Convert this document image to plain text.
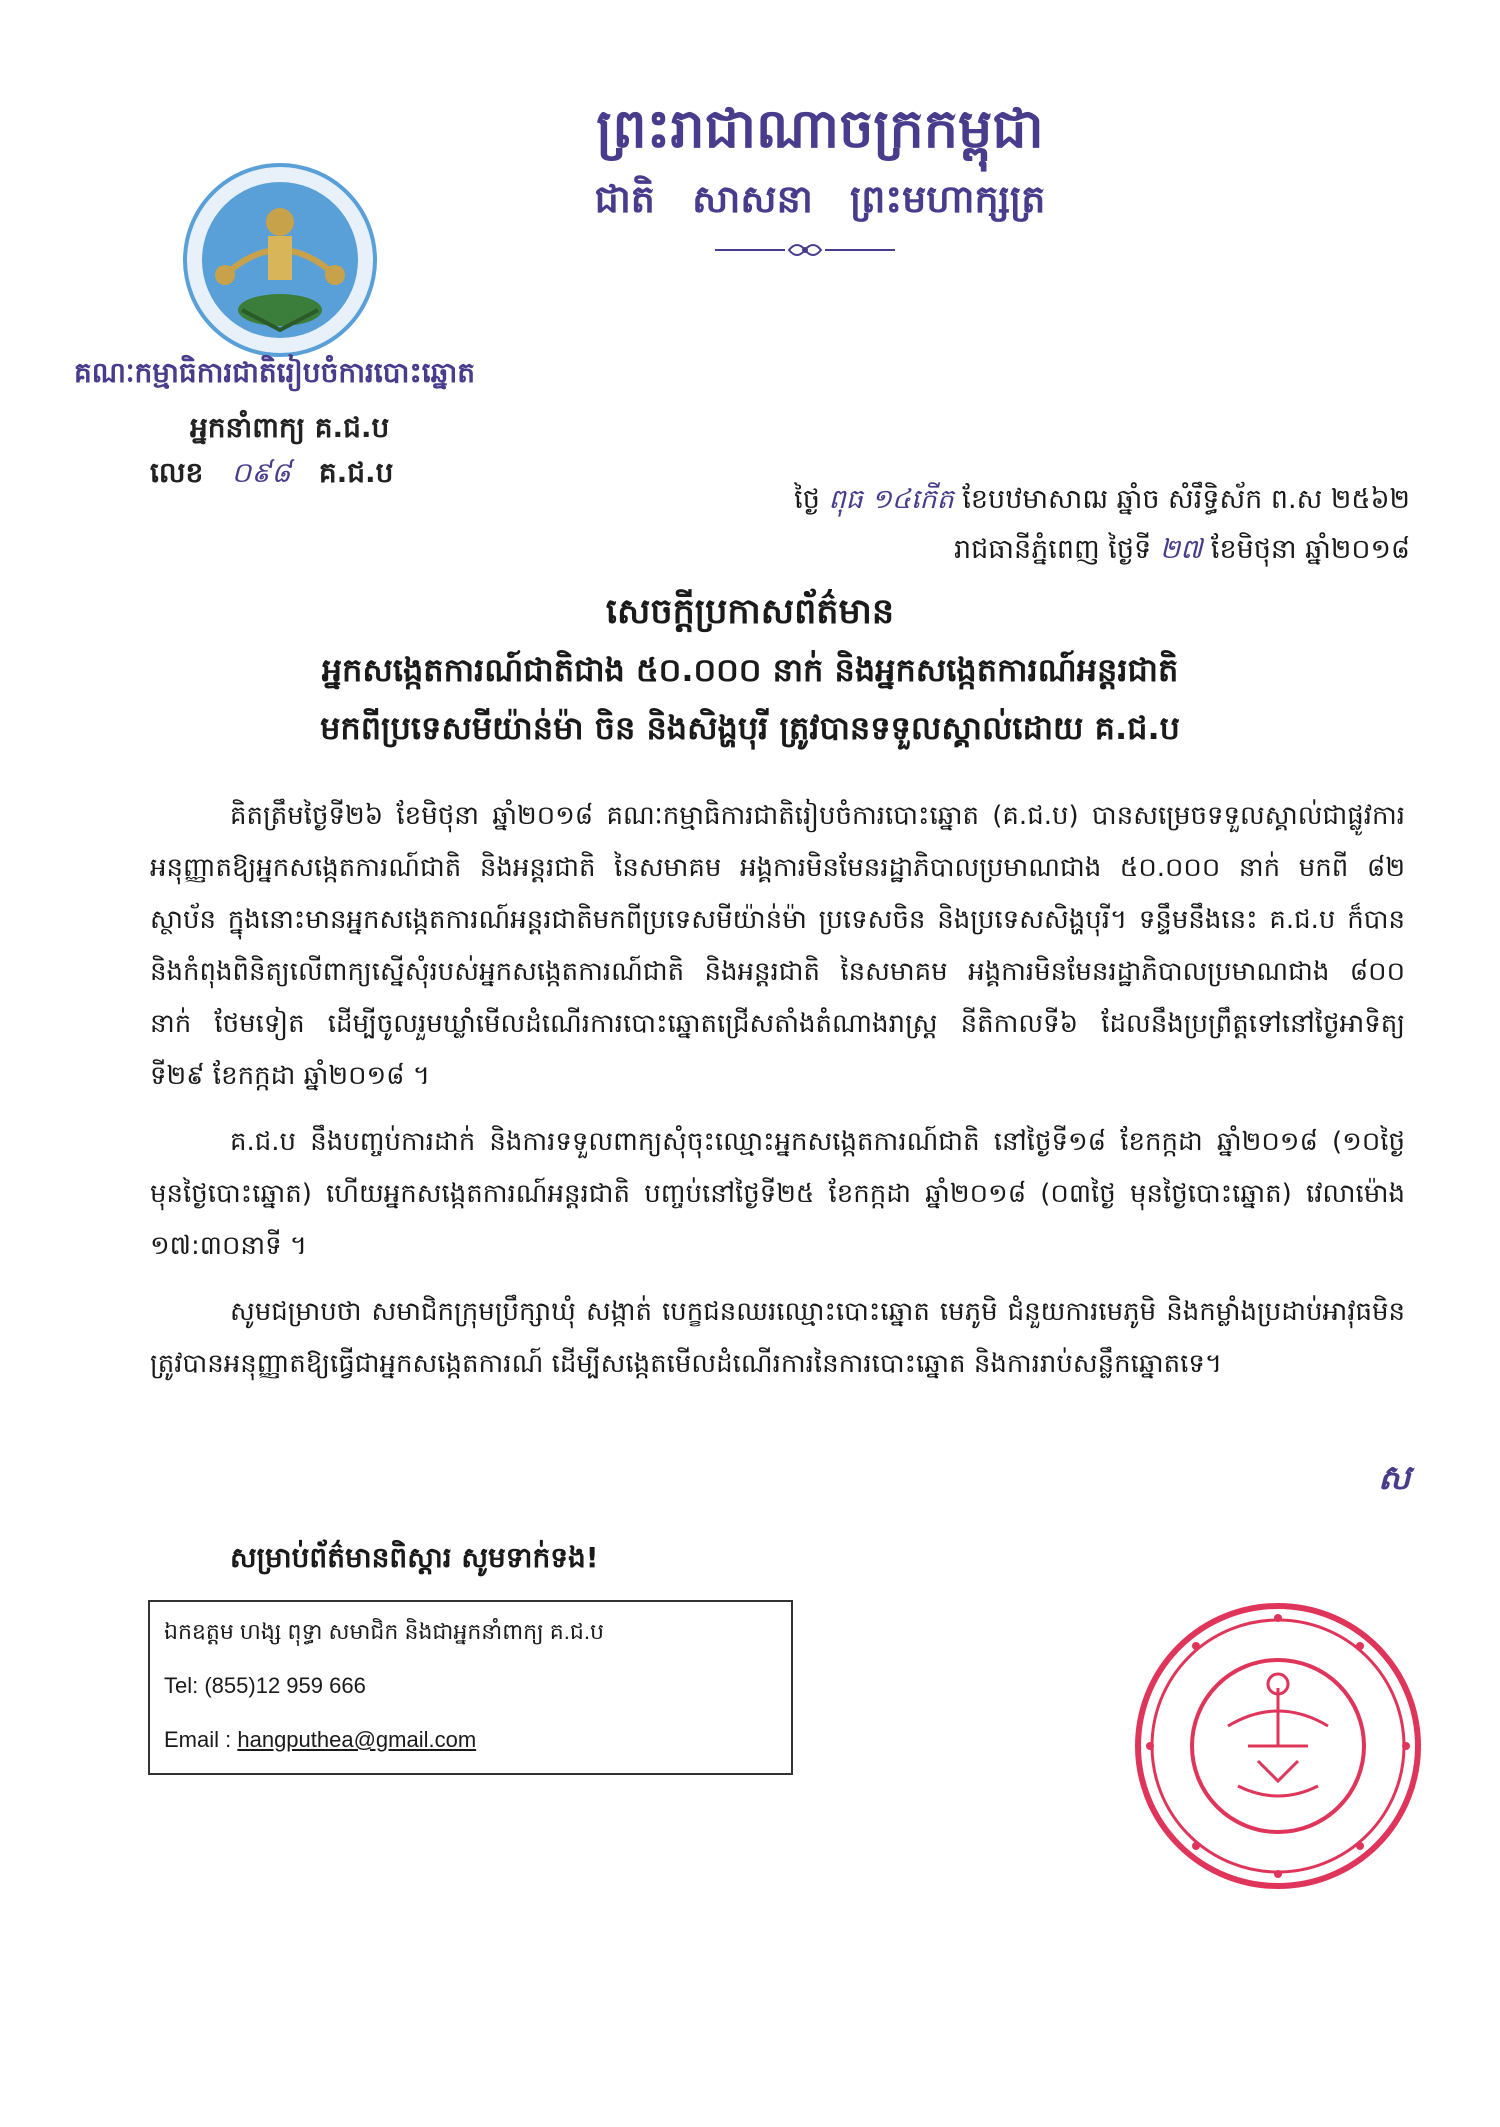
គណៈកម្មាធិការជាតិរៀបចំការបោះឆ្នោត
អ្នកនាំពាក្យ គ.ជ.ប
លេខ ០៩៨ គ.ជ.ប
ព្រះរាជាណាចក្រកម្ពុជា
ជាតិ សាសនា ព្រះមហាក្សត្រ
ថ្ងៃ ពុធ ១៤កើត ខែបឋមាសាឍ ឆ្នាំច សំរឹទ្ធិស័ក ព.ស ២៥៦២
រាជធានីភ្នំពេញ ថ្ងៃទី ២៧ ខែមិថុនា ឆ្នាំ២០១៨
សេចក្ដីប្រកាសព័ត៌មាន
អ្នកសង្កេតការណ៍ជាតិជាង ៥០.០០០ នាក់ និងអ្នកសង្កេតការណ៍អន្តរជាតិ
មកពីប្រទេសមីយ៉ាន់ម៉ា ចិន និងសិង្ហបុរី ត្រូវបានទទួលស្គាល់ដោយ គ.ជ.ប

គិតត្រឹមថ្ងៃទី២៦ ខែមិថុនា ឆ្នាំ២០១៨ គណៈកម្មាធិការជាតិរៀបចំការបោះឆ្នោត (គ.ជ.ប) បានសម្រេចទទួលស្គាល់ជាផ្លូវការអនុញ្ញាតឱ្យអ្នកសង្កេតការណ៍ជាតិ និងអន្តរជាតិ នៃសមាគម អង្គការមិនមែនរដ្ឋាភិបាលប្រមាណជាង ៥០.០០០ នាក់ មកពី ៨២ ស្ថាប័ន ក្នុងនោះមានអ្នកសង្កេតការណ៍អន្តរជាតិមកពីប្រទេសមីយ៉ាន់ម៉ា ប្រទេសចិន និងប្រទេសសិង្ហបុរី។ ទន្ទឹមនឹងនេះ គ.ជ.ប ក៏បាននិងកំពុងពិនិត្យលើពាក្យស្នើសុំរបស់អ្នកសង្កេតការណ៍ជាតិ និងអន្តរជាតិ នៃសមាគម អង្គការមិនមែនរដ្ឋាភិបាលប្រមាណជាង ៨០០ នាក់ ថែមទៀត ដើម្បីចូលរួមឃ្លាំមើលដំណើរការបោះឆ្នោតជ្រើសតាំងតំណាងរាស្ត្រ នីតិកាលទី៦ ដែលនឹងប្រព្រឹត្តទៅនៅថ្ងៃអាទិត្យ ទី២៩ ខែកក្កដា ឆ្នាំ២០១៨ ។

គ.ជ.ប នឹងបញ្ចប់ការដាក់ និងការទទួលពាក្យសុំចុះឈ្មោះអ្នកសង្កេតការណ៍ជាតិ នៅថ្ងៃទី១៨ ខែកក្កដា ឆ្នាំ២០១៨ (១០ថ្ងៃ មុនថ្ងៃបោះឆ្នោត) ហើយអ្នកសង្កេតការណ៍អន្តរជាតិ បញ្ចប់នៅថ្ងៃទី២៥ ខែកក្កដា ឆ្នាំ២០១៨ (០៣ថ្ងៃ មុនថ្ងៃបោះឆ្នោត) វេលាម៉ោង ១៧:៣០នាទី ។

សូមជម្រាបថា សមាជិកក្រុមប្រឹក្សាឃុំ សង្កាត់ បេក្ខជនឈរឈ្មោះបោះឆ្នោត មេភូមិ ជំនួយការមេភូមិ និងកម្លាំងប្រដាប់អាវុធមិនត្រូវបានអនុញ្ញាតឱ្យធ្វើជាអ្នកសង្កេតការណ៍ ដើម្បីសង្កេតមើលដំណើរការនៃការបោះឆ្នោត និងការរាប់សន្លឹកឆ្នោតទេ។

ស
សម្រាប់ព័ត៌មានពិស្តារ សូមទាក់ទង!
ឯកឧត្តម ហង្ស ពុទ្ធា សមាជិក និងជាអ្នកនាំពាក្យ គ.ជ.ប
Tel: (855)12 959 666
Email : hangputhea@gmail.com
